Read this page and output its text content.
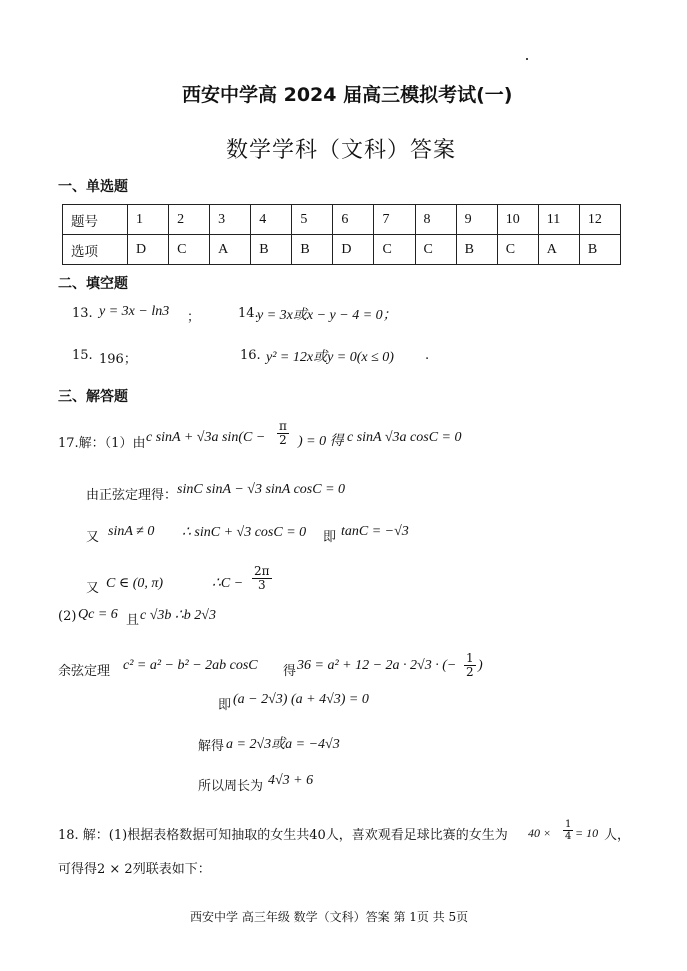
西安中学高 2024 届高三模拟考试(一)
数学学科（文科）答案
一、单选题
题号	1	2	3	4	5	6	7	8	9	10	11	12
选项	D	C	A	B	B	D	C	C	B	C	A	B
二、填空题
13. y = 3x − ln3 ；	14.
y = 3x或x − y − 4 = 0；
15. 196；	16. y² = 12x或y = 0(x ≤ 0) .
三、解答题
17.解：（1）由 c sinA + √3a $\sin(C - \frac{\pi}{2}$ ) = 0 得 c sinA √3a cosC = 0
由正弦定理得： sinC sinA − √3 sinA cosC = 0
又 sinA ≠ 0 ∴ sinC + √3 cosC = 0 即 tanC = −√3
又 C ∈ (0, π)	∴C − $\frac{2\pi}{3}$
(2) Qc = 6 且 c √3b ∴b 2√3
余弦定理 c² = a² − b² − 2ab cosC 得 36 = a² + 12 − 2a · 2√3 · (− $\frac{1}{2}$ )
即 (a − 2√3) (a + 4√3) = 0
解得 a = 2√3或a = −4√3
所以周长为 4√3 + 6
18. 解：(1)根据表格数据可知抽取的女生共40人，喜欢观看足球比赛的女生为 $40 \times \frac{1}{4} = 10$ 人，
可得得2 × 2列联表如下：
西安中学 高三年级 数学（文科）答案 第 1页 共 5页
